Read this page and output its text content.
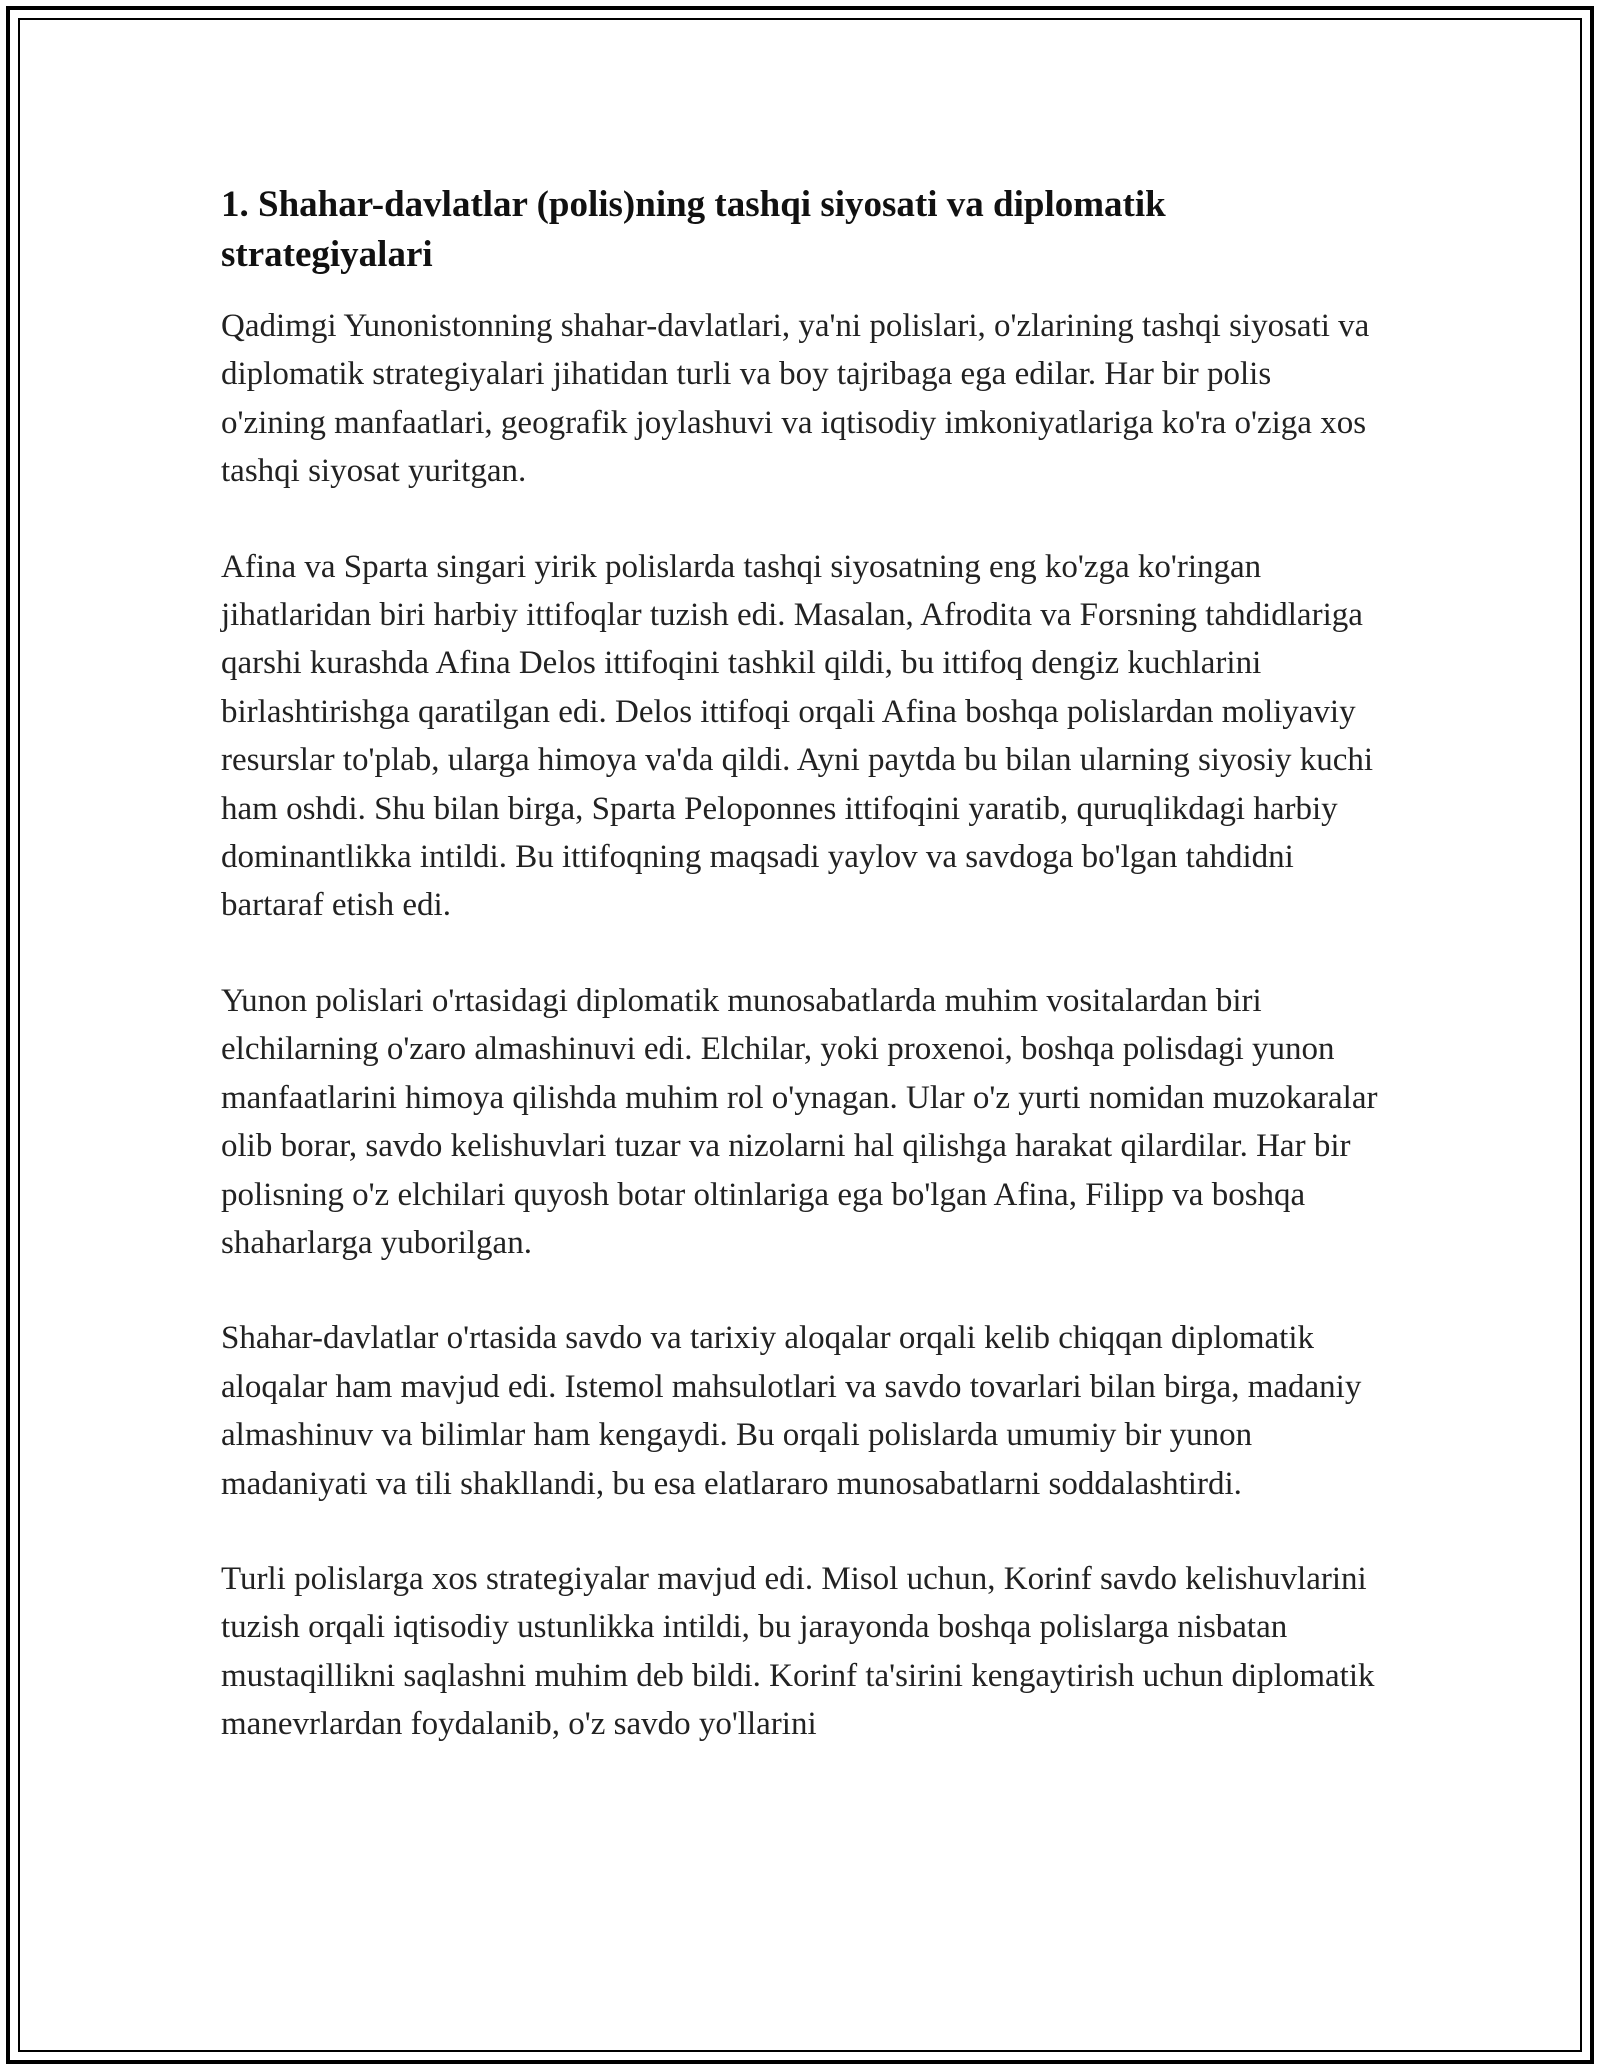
1. Shahar-davlatlar (polis)ning tashqi siyosati va diplomatik strategiyalari

Qadimgi Yunonistonning shahar-davlatlari, ya'ni polislari, o'zlarining tashqi siyosati va diplomatik strategiyalari jihatidan turli va boy tajribaga ega edilar. Har bir polis o'zining manfaatlari, geografik joylashuvi va iqtisodiy imkoniyatlariga ko'ra o'ziga xos tashqi siyosat yuritgan.

Afina va Sparta singari yirik polislarda tashqi siyosatning eng ko'zga ko'ringan jihatlaridan biri harbiy ittifoqlar tuzish edi. Masalan, Afrodita va Forsning tahdidlariga qarshi kurashda Afina Delos ittifoqini tashkil qildi, bu ittifoq dengiz kuchlarini birlashtirishga qaratilgan edi. Delos ittifoqi orqali Afina boshqa polislardan moliyaviy resurslar to'plab, ularga himoya va'da qildi. Ayni paytda bu bilan ularning siyosiy kuchi ham oshdi. Shu bilan birga, Sparta Peloponnes ittifoqini yaratib, quruqlikdagi harbiy dominantlikka intildi. Bu ittifoqning maqsadi yaylov va savdoga bo'lgan tahdidni bartaraf etish edi.

Yunon polislari o'rtasidagi diplomatik munosabatlarda muhim vositalardan biri elchilarning o'zaro almashinuvi edi. Elchilar, yoki proxenoi, boshqa polisdagi yunon manfaatlarini himoya qilishda muhim rol o'ynagan. Ular o'z yurti nomidan muzokaralar olib borar, savdo kelishuvlari tuzar va nizolarni hal qilishga harakat qilardilar. Har bir polisning o'z elchilari quyosh botar oltinlariga ega bo'lgan Afina, Filipp va boshqa shaharlarga yuborilgan.

Shahar-davlatlar o'rtasida savdo va tarixiy aloqalar orqali kelib chiqqan diplomatik aloqalar ham mavjud edi. Istemol mahsulotlari va savdo tovarlari bilan birga, madaniy almashinuv va bilimlar ham kengaydi. Bu orqali polislarda umumiy bir yunon madaniyati va tili shakllandi, bu esa elatlararo munosabatlarni soddalashtirdi.

Turli polislarga xos strategiyalar mavjud edi. Misol uchun, Korinf savdo kelishuvlarini tuzish orqali iqtisodiy ustunlikka intildi, bu jarayonda boshqa polislarga nisbatan mustaqillikni saqlashni muhim deb bildi. Korinf ta'sirini kengaytirish uchun diplomatik manevrlardan foydalanib, o'z savdo yo'llarini
